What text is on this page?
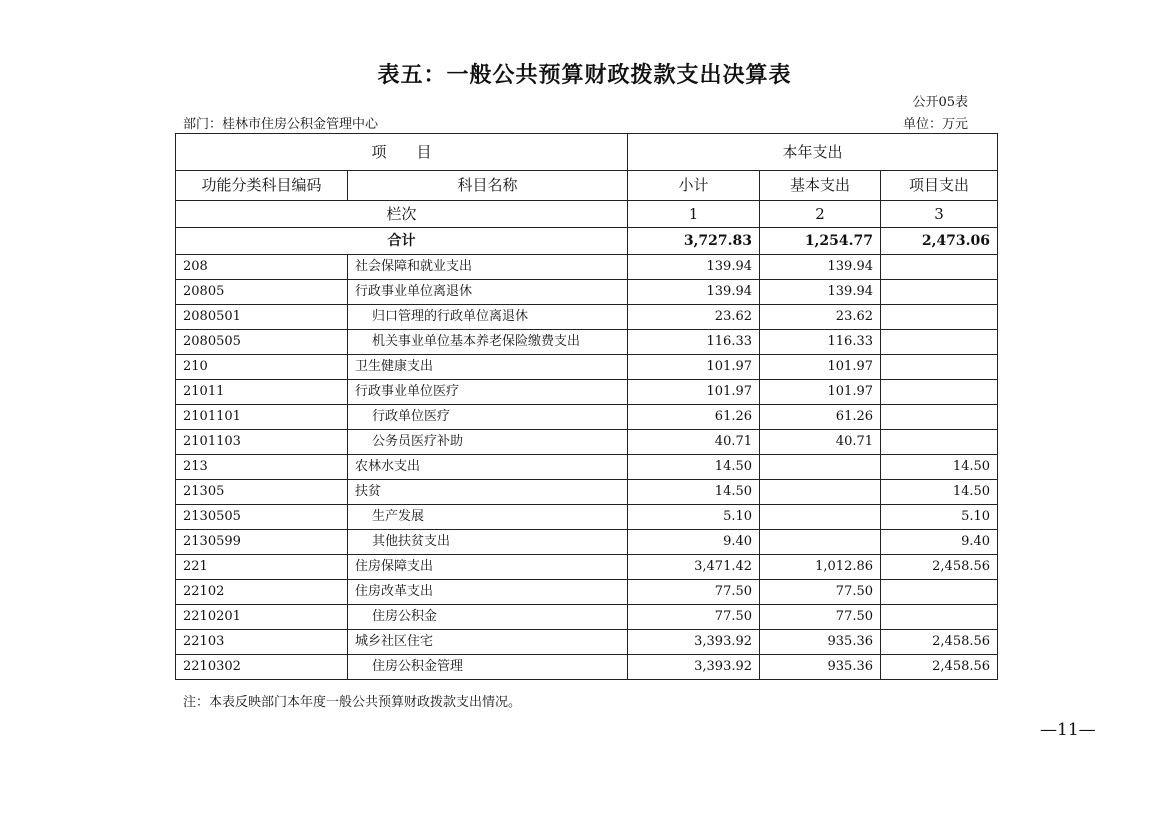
表五：一般公共预算财政拨款支出决算表
公开05表
部门：桂林市住房公积金管理中心	单位：万元
项　　目		本年支出		
功能分类科目编码	科目名称	小计	基本支出	项目支出
栏次		1	2	3
合计		3,727.83	1,254.77	2,473.06
208	社会保障和就业支出	139.94	139.94	
20805	行政事业单位离退休	139.94	139.94	
2080501	归口管理的行政单位离退休	23.62	23.62	
2080505	机关事业单位基本养老保险缴费支出	116.33	116.33	
210	卫生健康支出	101.97	101.97	
21011	行政事业单位医疗	101.97	101.97	
2101101	行政单位医疗	61.26	61.26	
2101103	公务员医疗补助	40.71	40.71	
213	农林水支出	14.50		14.50
21305	扶贫	14.50		14.50
2130505	生产发展	5.10		5.10
2130599	其他扶贫支出	9.40		9.40
221	住房保障支出	3,471.42	1,012.86	2,458.56
22102	住房改革支出	77.50	77.50	
2210201	住房公积金	77.50	77.50	
22103	城乡社区住宅	3,393.92	935.36	2,458.56
2210302	住房公积金管理	3,393.92	935.36	2,458.56
注：本表反映部门本年度一般公共预算财政拨款支出情况。
—11—
